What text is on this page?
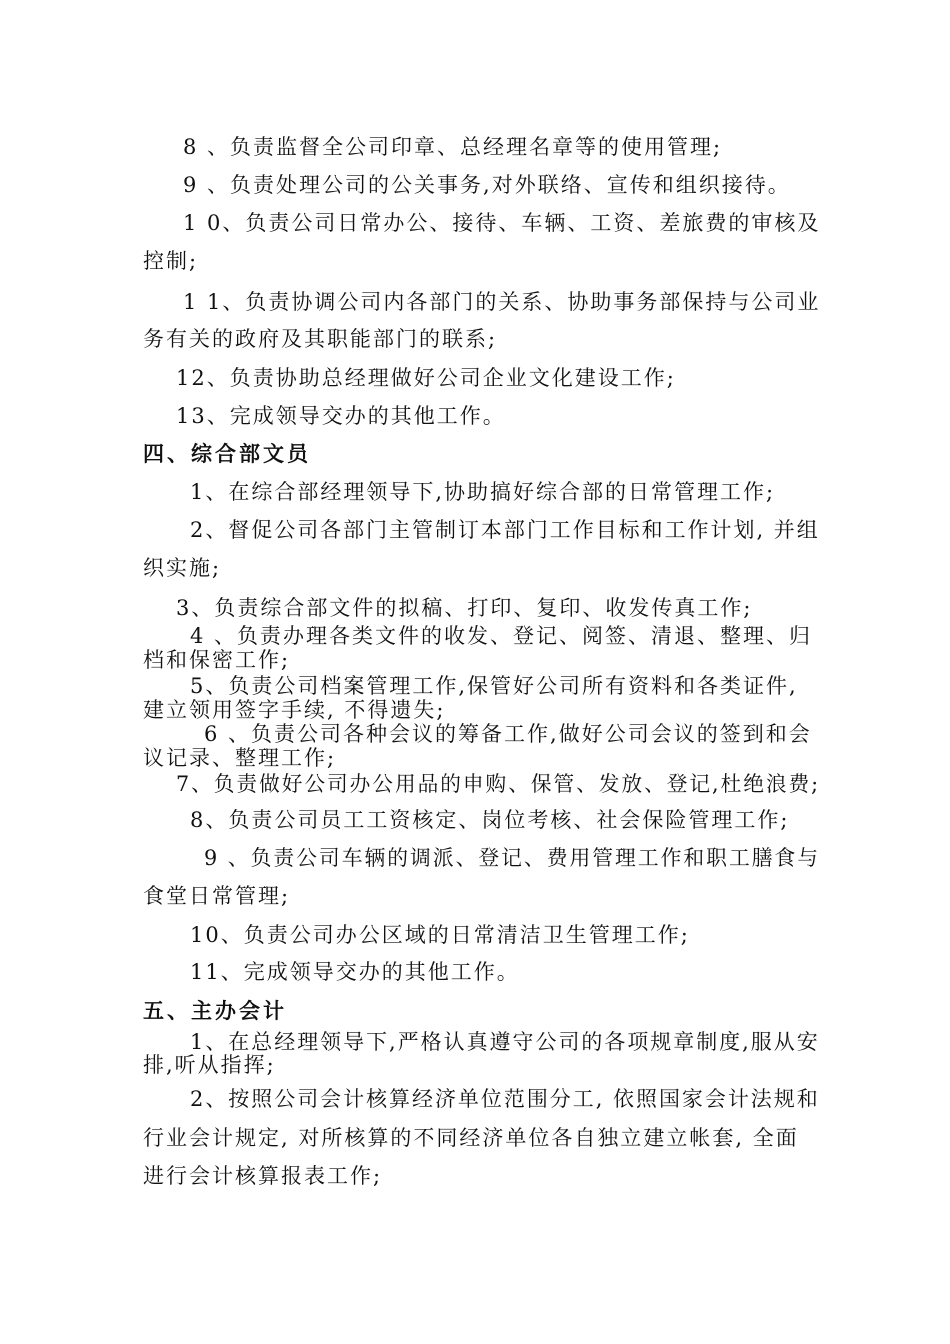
8 、负责监督全公司印章、总经理名章等的使用管理;
9 、负责处理公司的公关事务,对外联络、宣传和组织接待。
1 0、负责公司日常办公、接待、车辆、工资、差旅费的审核及
控制;
1 1、负责协调公司内各部门的关系、协助事务部保持与公司业
务有关的政府及其职能部门的联系;
12、负责协助总经理做好公司企业文化建设工作;
13、完成领导交办的其他工作。
四、综合部文员
1、在综合部经理领导下,协助搞好综合部的日常管理工作;
2、督促公司各部门主管制订本部门工作目标和工作计划, 并组
织实施;
3、负责综合部文件的拟稿、打印、复印、收发传真工作;
4 、负责办理各类文件的收发、登记、阅签、清退、整理、归
档和保密工作;
5、负责公司档案管理工作,保管好公司所有资料和各类证件,
建立领用签字手续, 不得遗失;
6 、负责公司各种会议的筹备工作,做好公司会议的签到和会
议记录、整理工作;
7、负责做好公司办公用品的申购、保管、发放、登记,杜绝浪费;
8、负责公司员工工资核定、岗位考核、社会保险管理工作;
9 、负责公司车辆的调派、登记、费用管理工作和职工膳食与
食堂日常管理;
10、负责公司办公区域的日常清洁卫生管理工作;
11、完成领导交办的其他工作。
五、主办会计
1、在总经理领导下,严格认真遵守公司的各项规章制度,服从安
排,听从指挥;
2、按照公司会计核算经济单位范围分工, 依照国家会计法规和
行业会计规定, 对所核算的不同经济单位各自独立建立帐套, 全面
进行会计核算报表工作;
